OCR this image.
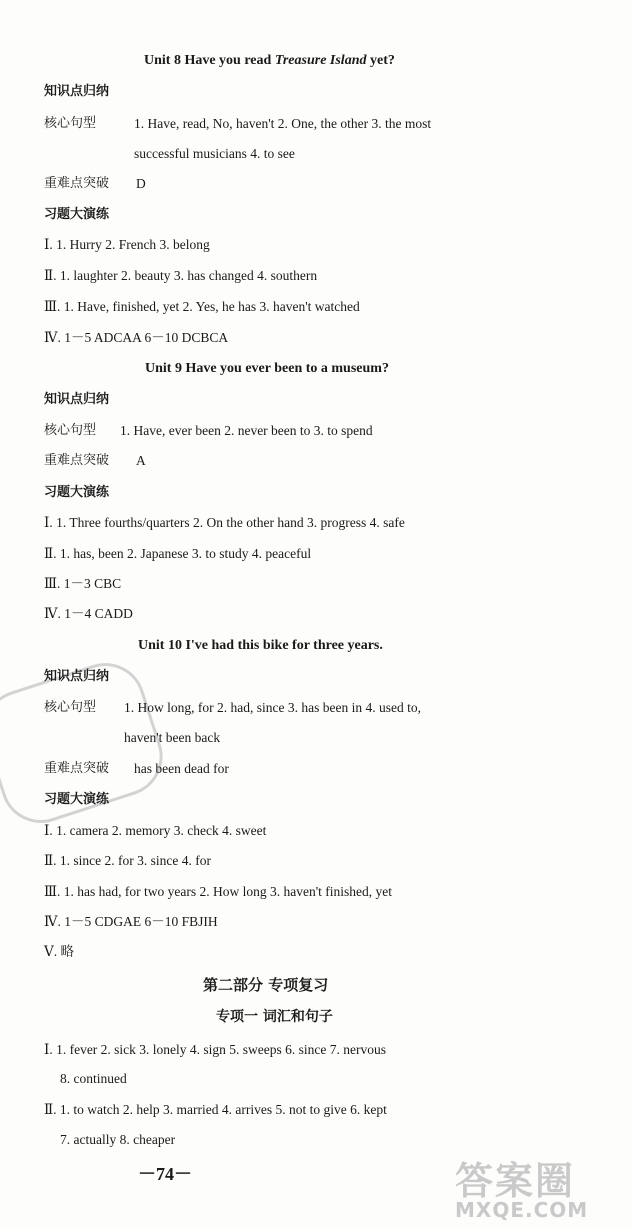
答案圈
MXQE.COM
Unit 8 Have you read Treasure Island yet?
知识点归纳
核心句型	1. Have, read, No, haven't 2. One, the other 3. the most
successful musicians 4. to see
重难点突破 D
习题大演练
Ⅰ. 1. Hurry 2. French 3. belong
Ⅱ. 1. laughter 2. beauty 3. has changed 4. southern
Ⅲ. 1. Have, finished, yet 2. Yes, he has 3. haven't watched
Ⅳ. 1－5 ADCAA 6－10 DCBCA
Unit 9 Have you ever been to a museum?
知识点归纳
核心句型 1. Have, ever been 2. never been to 3. to spend
重难点突破 A
习题大演练
Ⅰ. 1. Three fourths/quarters 2. On the other hand 3. progress 4. safe
Ⅱ. 1. has, been 2. Japanese 3. to study 4. peaceful
Ⅲ. 1－3 CBC
Ⅳ. 1－4 CADD
Unit 10 I've had this bike for three years.
知识点归纳
核心句型 1. How long, for 2. had, since 3. has been in 4. used to,
haven't been back
重难点突破 has been dead for
习题大演练
Ⅰ. 1. camera 2. memory 3. check 4. sweet
Ⅱ. 1. since 2. for 3. since 4. for
Ⅲ. 1. has had, for two years 2. How long 3. haven't finished, yet
Ⅳ. 1－5 CDGAE 6－10 FBJIH
Ⅴ. 略
第二部分 专项复习
专项一 词汇和句子
Ⅰ. 1. fever 2. sick 3. lonely 4. sign 5. sweeps 6. since 7. nervous
8. continued
Ⅱ. 1. to watch 2. help 3. married 4. arrives 5. not to give 6. kept
7. actually 8. cheaper
－74－
